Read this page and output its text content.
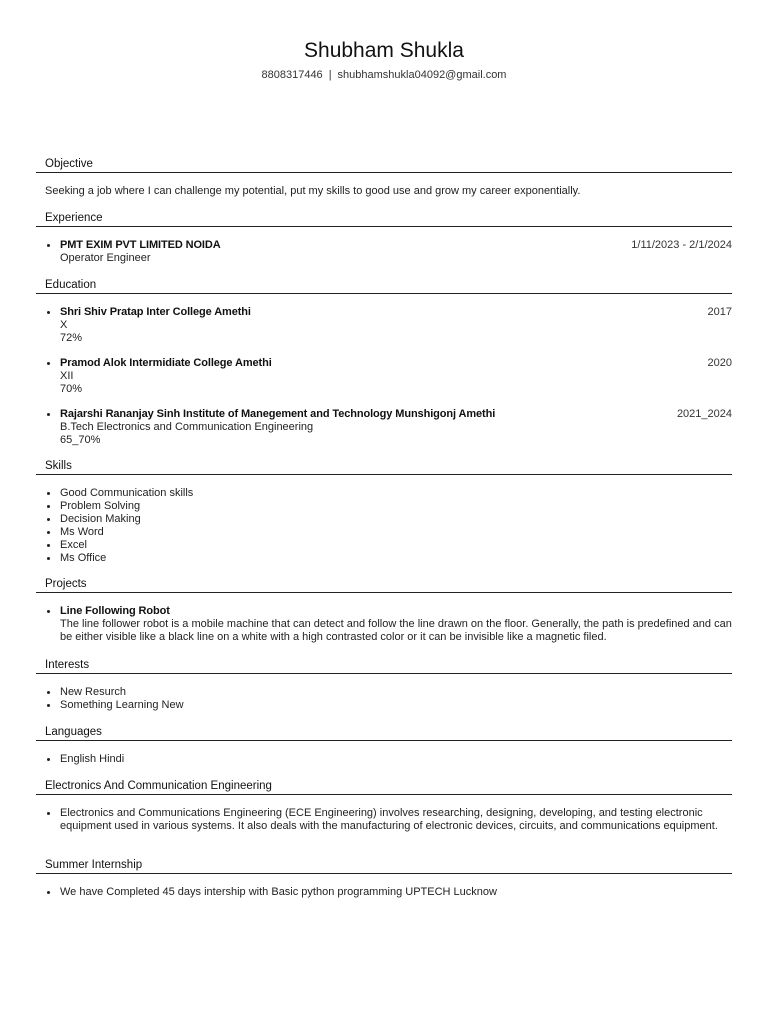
Shubham Shukla
8808317446 | shubhamshukla04092@gmail.com
Objective
Seeking a job where I can challenge my potential, put my skills to good use and grow my career exponentially.
Experience
PMT EXIM PVT LIMITED NOIDA	1/11/2023 - 2/1/2024
Operator Engineer
Education
Shri Shiv Pratap Inter College Amethi	2017
X
72%
Pramod Alok Intermidiate College Amethi	2020
XII
70%
Rajarshi Rananjay Sinh Institute of Manegement and Technology Munshigonj Amethi	2021_2024
B.Tech Electronics and Communication Engineering
65_70%
Skills
Good Communication skills
Problem Solving
Decision Making
Ms Word
Excel
Ms Office
Projects
Line Following Robot
The line follower robot is a mobile machine that can detect and follow the line drawn on the floor. Generally, the path is predefined and can be either visible like a black line on a white with a high contrasted color or it can be invisible like a magnetic filed.
Interests
New Resurch
Something Learning New
Languages
English Hindi
Electronics And Communication Engineering
Electronics and Communications Engineering (ECE Engineering) involves researching, designing, developing, and testing electronic equipment used in various systems. It also deals with the manufacturing of electronic devices, circuits, and communications equipment.
Summer Internship
We have Completed 45 days intership with Basic python programming UPTECH Lucknow
